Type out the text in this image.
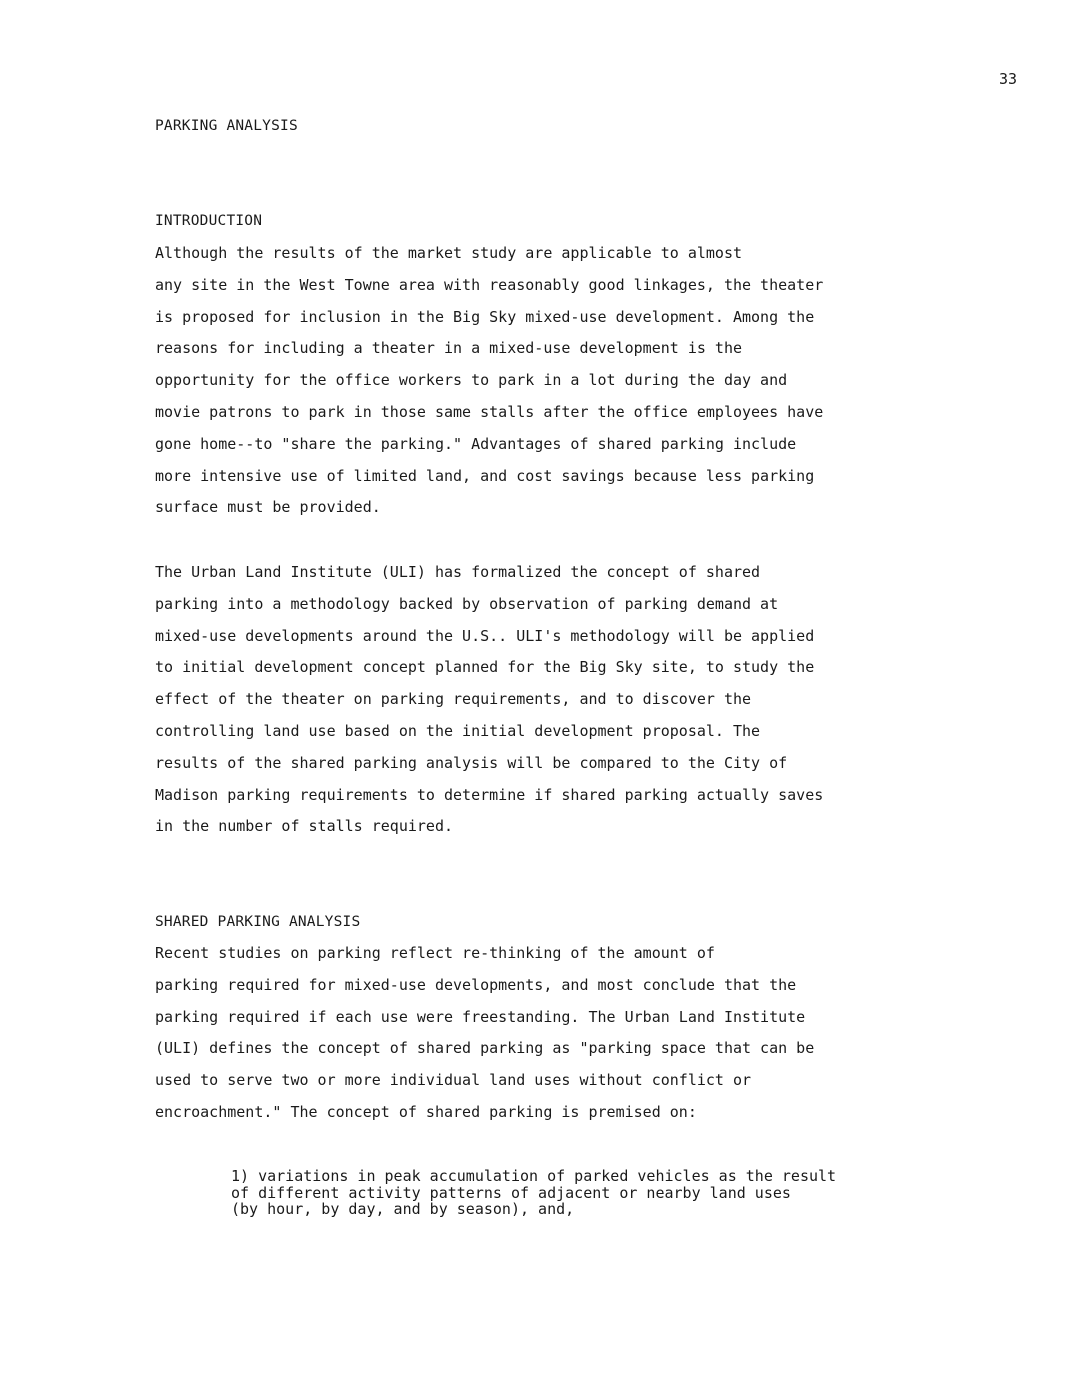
33
PARKING ANALYSIS
INTRODUCTION

Although the results of the market study are applicable to almost
any site in the West Towne area with reasonably good linkages, the theater
is proposed for inclusion in the Big Sky mixed-use development. Among the
reasons for including a theater in a mixed-use development is the
opportunity for the office workers to park in a lot during the day and
movie patrons to park in those same stalls after the office employees have
gone home--to "share the parking." Advantages of shared parking include
more intensive use of limited land, and cost savings because less parking
surface must be provided.

The Urban Land Institute (ULI) has formalized the concept of shared
parking into a methodology backed by observation of parking demand at
mixed-use developments around the U.S.. ULI's methodology will be applied
to initial development concept planned for the Big Sky site, to study the
effect of the theater on parking requirements, and to discover the
controlling land use based on the initial development proposal. The
results of the shared parking analysis will be compared to the City of
Madison parking requirements to determine if shared parking actually saves
in the number of stalls required.

SHARED PARKING ANALYSIS

Recent studies on parking reflect re-thinking of the amount of
parking required for mixed-use developments, and most conclude that the
parking required if each use were freestanding. The Urban Land Institute
(ULI) defines the concept of shared parking as "parking space that can be
used to serve two or more individual land uses without conflict or
encroachment." The concept of shared parking is premised on:

1) variations in peak accumulation of parked vehicles as the result
of different activity patterns of adjacent or nearby land uses
(by hour, by day, and by season), and,
